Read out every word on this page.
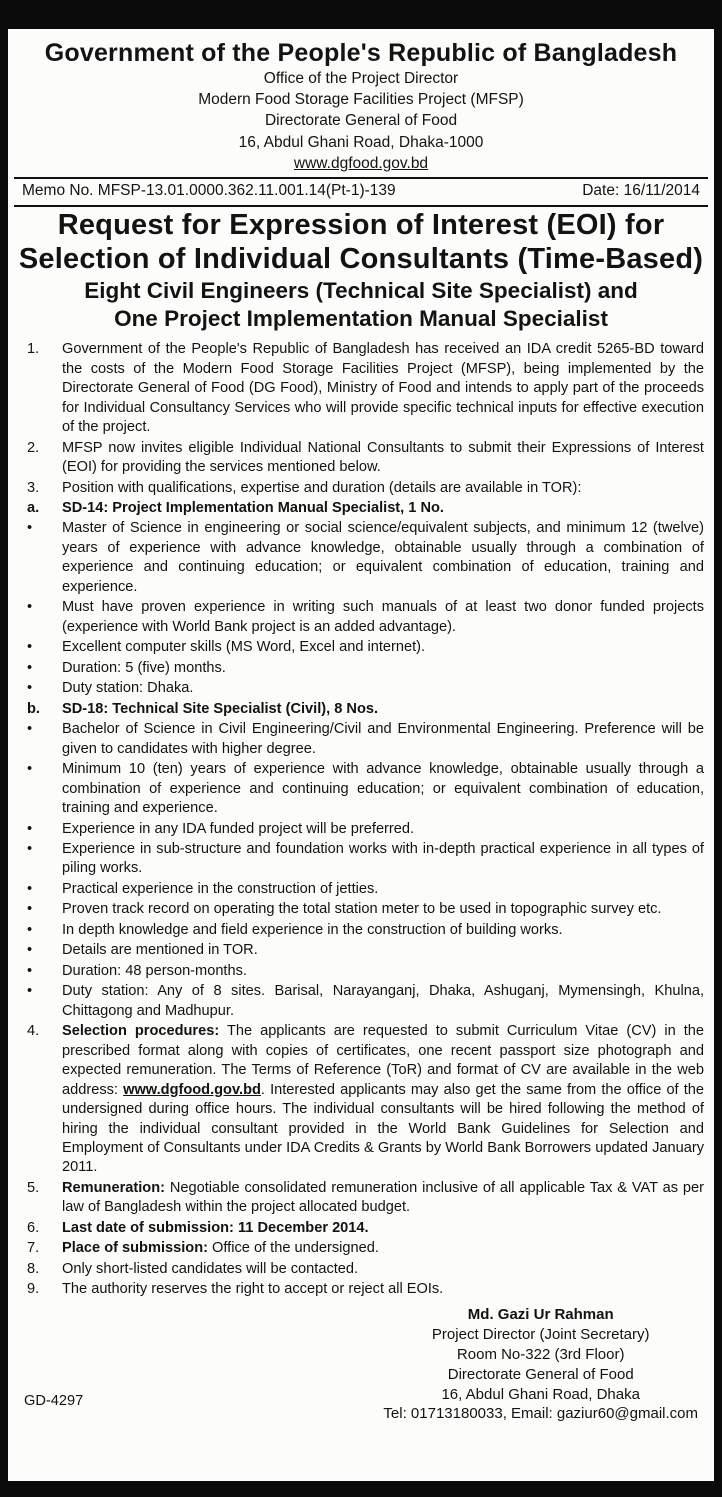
Government of the People's Republic of Bangladesh
Office of the Project Director
Modern Food Storage Facilities Project (MFSP)
Directorate General of Food
16, Abdul Ghani Road, Dhaka-1000
www.dgfood.gov.bd
Memo No. MFSP-13.01.0000.362.11.001.14(Pt-1)-139	Date: 16/11/2014
Request for Expression of Interest (EOI) for
Selection of Individual Consultants (Time-Based)
Eight Civil Engineers (Technical Site Specialist) and
One Project Implementation Manual Specialist
1.	Government of the People's Republic of Bangladesh has received an IDA credit 5265-BD toward the costs of the Modern Food Storage Facilities Project (MFSP), being implemented by the Directorate General of Food (DG Food), Ministry of Food and intends to apply part of the proceeds for Individual Consultancy Services who will provide specific technical inputs for effective execution of the project.
2.	MFSP now invites eligible Individual National Consultants to submit their Expressions of Interest (EOI) for providing the services mentioned below.
3.	Position with qualifications, expertise and duration (details are available in TOR):
a.	SD-14: Project Implementation Manual Specialist, 1 No.
•	Master of Science in engineering or social science/equivalent subjects, and minimum 12 (twelve) years of experience with advance knowledge, obtainable usually through a combination of experience and continuing education; or equivalent combination of education, training and experience.
•	Must have proven experience in writing such manuals of at least two donor funded projects (experience with World Bank project is an added advantage).
•	Excellent computer skills (MS Word, Excel and internet).
•	Duration: 5 (five) months.
•	Duty station: Dhaka.
b.	SD-18: Technical Site Specialist (Civil), 8 Nos.
•	Bachelor of Science in Civil Engineering/Civil and Environmental Engineering. Preference will be given to candidates with higher degree.
•	Minimum 10 (ten) years of experience with advance knowledge, obtainable usually through a combination of experience and continuing education; or equivalent combination of education, training and experience.
•	Experience in any IDA funded project will be preferred.
•	Experience in sub-structure and foundation works with in-depth practical experience in all types of piling works.
•	Practical experience in the construction of jetties.
•	Proven track record on operating the total station meter to be used in topographic survey etc.
•	In depth knowledge and field experience in the construction of building works.
•	Details are mentioned in TOR.
•	Duration: 48 person-months.
•	Duty station: Any of 8 sites. Barisal, Narayanganj, Dhaka, Ashuganj, Mymensingh, Khulna, Chittagong and Madhupur.
4.	Selection procedures: The applicants are requested to submit Curriculum Vitae (CV) in the prescribed format along with copies of certificates, one recent passport size photograph and expected remuneration. The Terms of Reference (ToR) and format of CV are available in the web address: www.dgfood.gov.bd. Interested applicants may also get the same from the office of the undersigned during office hours. The individual consultants will be hired following the method of hiring the individual consultant provided in the World Bank Guidelines for Selection and Employment of Consultants under IDA Credits & Grants by World Bank Borrowers updated January 2011.
5.	Remuneration: Negotiable consolidated remuneration inclusive of all applicable Tax & VAT as per law of Bangladesh within the project allocated budget.
6.	Last date of submission: 11 December 2014.
7.	Place of submission: Office of the undersigned.
8.	Only short-listed candidates will be contacted.
9.	The authority reserves the right to accept or reject all EOIs.
GD-4297
Md. Gazi Ur Rahman
Project Director (Joint Secretary)
Room No-322 (3rd Floor)
Directorate General of Food
16, Abdul Ghani Road, Dhaka
Tel: 01713180033, Email: gaziur60@gmail.com
